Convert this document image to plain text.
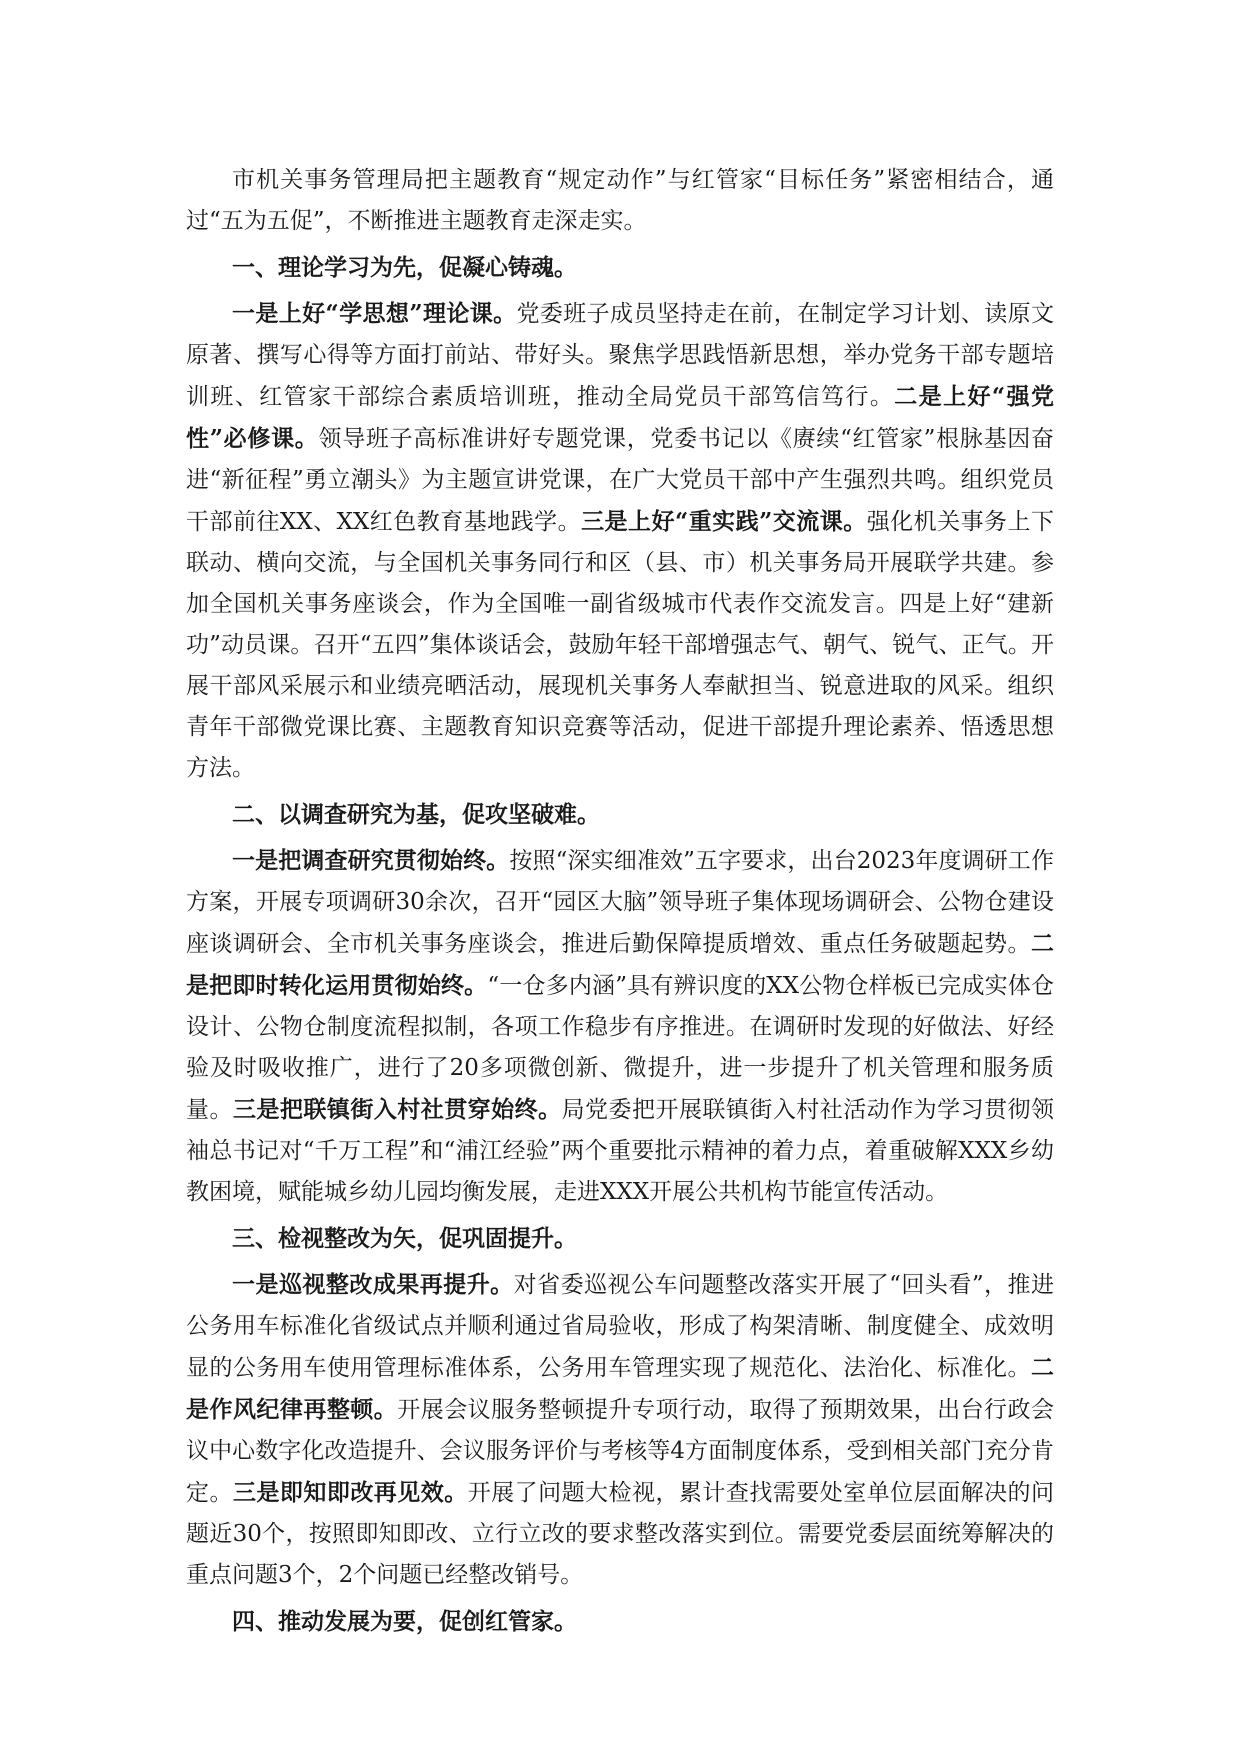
市机关事务管理局把主题教育“规定动作”与红管家“目标任务”紧密相结合，通过“五为五促”，不断推进主题教育走深走实。

一、理论学习为先，促凝心铸魂。

一是上好“学思想”理论课。党委班子成员坚持走在前，在制定学习计划、读原文原著、撰写心得等方面打前站、带好头。聚焦学思践悟新思想，举办党务干部专题培训班、红管家干部综合素质培训班，推动全局党员干部笃信笃行。二是上好“强党性”必修课。领导班子高标准讲好专题党课，党委书记以《赓续“红管家”根脉基因奋进“新征程”勇立潮头》为主题宣讲党课，在广大党员干部中产生强烈共鸣。组织党员干部前往XX、XX红色教育基地践学。三是上好“重实践”交流课。强化机关事务上下联动、横向交流，与全国机关事务同行和区（县、市）机关事务局开展联学共建。参加全国机关事务座谈会，作为全国唯一副省级城市代表作交流发言。四是上好“建新功”动员课。召开“五四”集体谈话会，鼓励年轻干部增强志气、朝气、锐气、正气。开展干部风采展示和业绩亮晒活动，展现机关事务人奉献担当、锐意进取的风采。组织青年干部微党课比赛、主题教育知识竞赛等活动，促进干部提升理论素养、悟透思想方法。

二、以调查研究为基，促攻坚破难。

一是把调查研究贯彻始终。按照“深实细准效”五字要求，出台2023年度调研工作方案，开展专项调研30余次，召开“园区大脑”领导班子集体现场调研会、公物仓建设座谈调研会、全市机关事务座谈会，推进后勤保障提质增效、重点任务破题起势。二是把即时转化运用贯彻始终。“一仓多内涵”具有辨识度的XX公物仓样板已完成实体仓设计、公物仓制度流程拟制，各项工作稳步有序推进。在调研时发现的好做法、好经验及时吸收推广，进行了20多项微创新、微提升，进一步提升了机关管理和服务质量。三是把联镇街入村社贯穿始终。局党委把开展联镇街入村社活动作为学习贯彻领袖总书记对“千万工程”和“浦江经验”两个重要批示精神的着力点，着重破解XXX乡幼教困境，赋能城乡幼儿园均衡发展，走进XXX开展公共机构节能宣传活动。

三、检视整改为矢，促巩固提升。

一是巡视整改成果再提升。对省委巡视公车问题整改落实开展了“回头看”，推进公务用车标准化省级试点并顺利通过省局验收，形成了构架清晰、制度健全、成效明显的公务用车使用管理标准体系，公务用车管理实现了规范化、法治化、标准化。二是作风纪律再整顿。开展会议服务整顿提升专项行动，取得了预期效果，出台行政会议中心数字化改造提升、会议服务评价与考核等4方面制度体系，受到相关部门充分肯定。三是即知即改再见效。开展了问题大检视，累计查找需要处室单位层面解决的问题近30个，按照即知即改、立行立改的要求整改落实到位。需要党委层面统筹解决的重点问题3个，2个问题已经整改销号。

四、推动发展为要，促创红管家。
